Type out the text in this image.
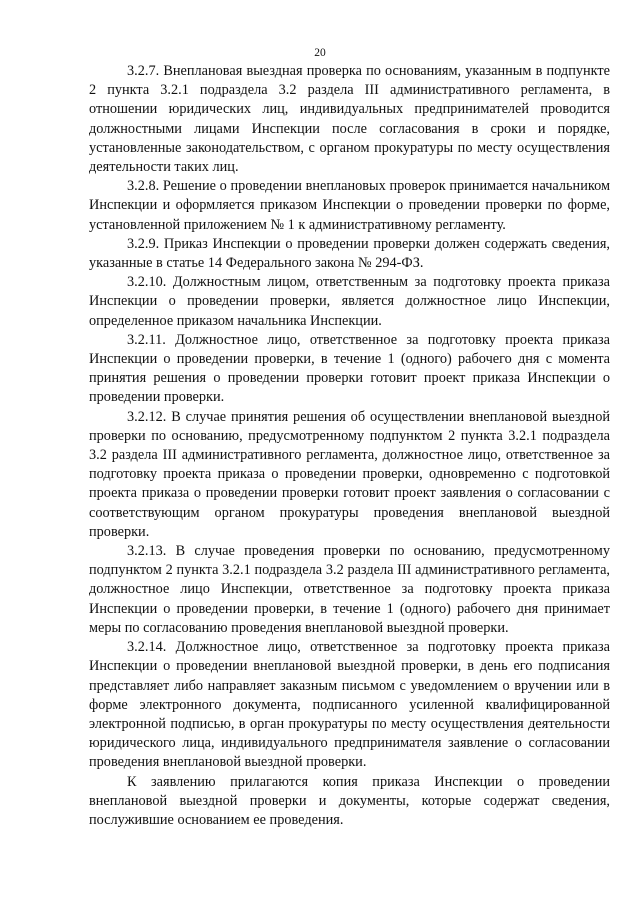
20

3.2.7. Внеплановая выездная проверка по основаниям, указанным в подпункте 2 пункта 3.2.1 подраздела 3.2 раздела III административного регламента, в отношении юридических лиц, индивидуальных предпринимателей проводится должностными лицами Инспекции после согласования в сроки и порядке, установленные законодательством, с органом прокуратуры по месту осуществления деятельности таких лиц.

3.2.8. Решение о проведении внеплановых проверок принимается начальником Инспекции и оформляется приказом Инспекции о проведении проверки по форме, установленной приложением № 1 к административному регламенту.

3.2.9. Приказ Инспекции о проведении проверки должен содержать сведения, указанные в статье 14 Федерального закона № 294-ФЗ.

3.2.10. Должностным лицом, ответственным за подготовку проекта приказа Инспекции о проведении проверки, является должностное лицо Инспекции, определенное приказом начальника Инспекции.

3.2.11. Должностное лицо, ответственное за подготовку проекта приказа Инспекции о проведении проверки, в течение 1 (одного) рабочего дня с момента принятия решения о проведении проверки готовит проект приказа Инспекции о проведении проверки.

3.2.12. В случае принятия решения об осуществлении внеплановой выездной проверки по основанию, предусмотренному подпунктом 2 пункта 3.2.1 подраздела 3.2 раздела III административного регламента, должностное лицо, ответственное за подготовку проекта приказа о проведении проверки, одновременно с подготовкой проекта приказа о проведении проверки готовит проект заявления о согласовании с соответствующим органом прокуратуры проведения внеплановой выездной проверки.

3.2.13. В случае проведения проверки по основанию, предусмотренному подпунктом 2 пункта 3.2.1 подраздела 3.2 раздела III административного регламента, должностное лицо Инспекции, ответственное за подготовку проекта приказа Инспекции о проведении проверки, в течение 1 (одного) рабочего дня принимает меры по согласованию проведения внеплановой выездной проверки.

3.2.14. Должностное лицо, ответственное за подготовку проекта приказа Инспекции о проведении внеплановой выездной проверки, в день его подписания представляет либо направляет заказным письмом с уведомлением о вручении или в форме электронного документа, подписанного усиленной квалифицированной электронной подписью, в орган прокуратуры по месту осуществления деятельности юридического лица, индивидуального предпринимателя заявление о согласовании проведения внеплановой выездной проверки.

К заявлению прилагаются копия приказа Инспекции о проведении внеплановой выездной проверки и документы, которые содержат сведения, послужившие основанием ее проведения.
